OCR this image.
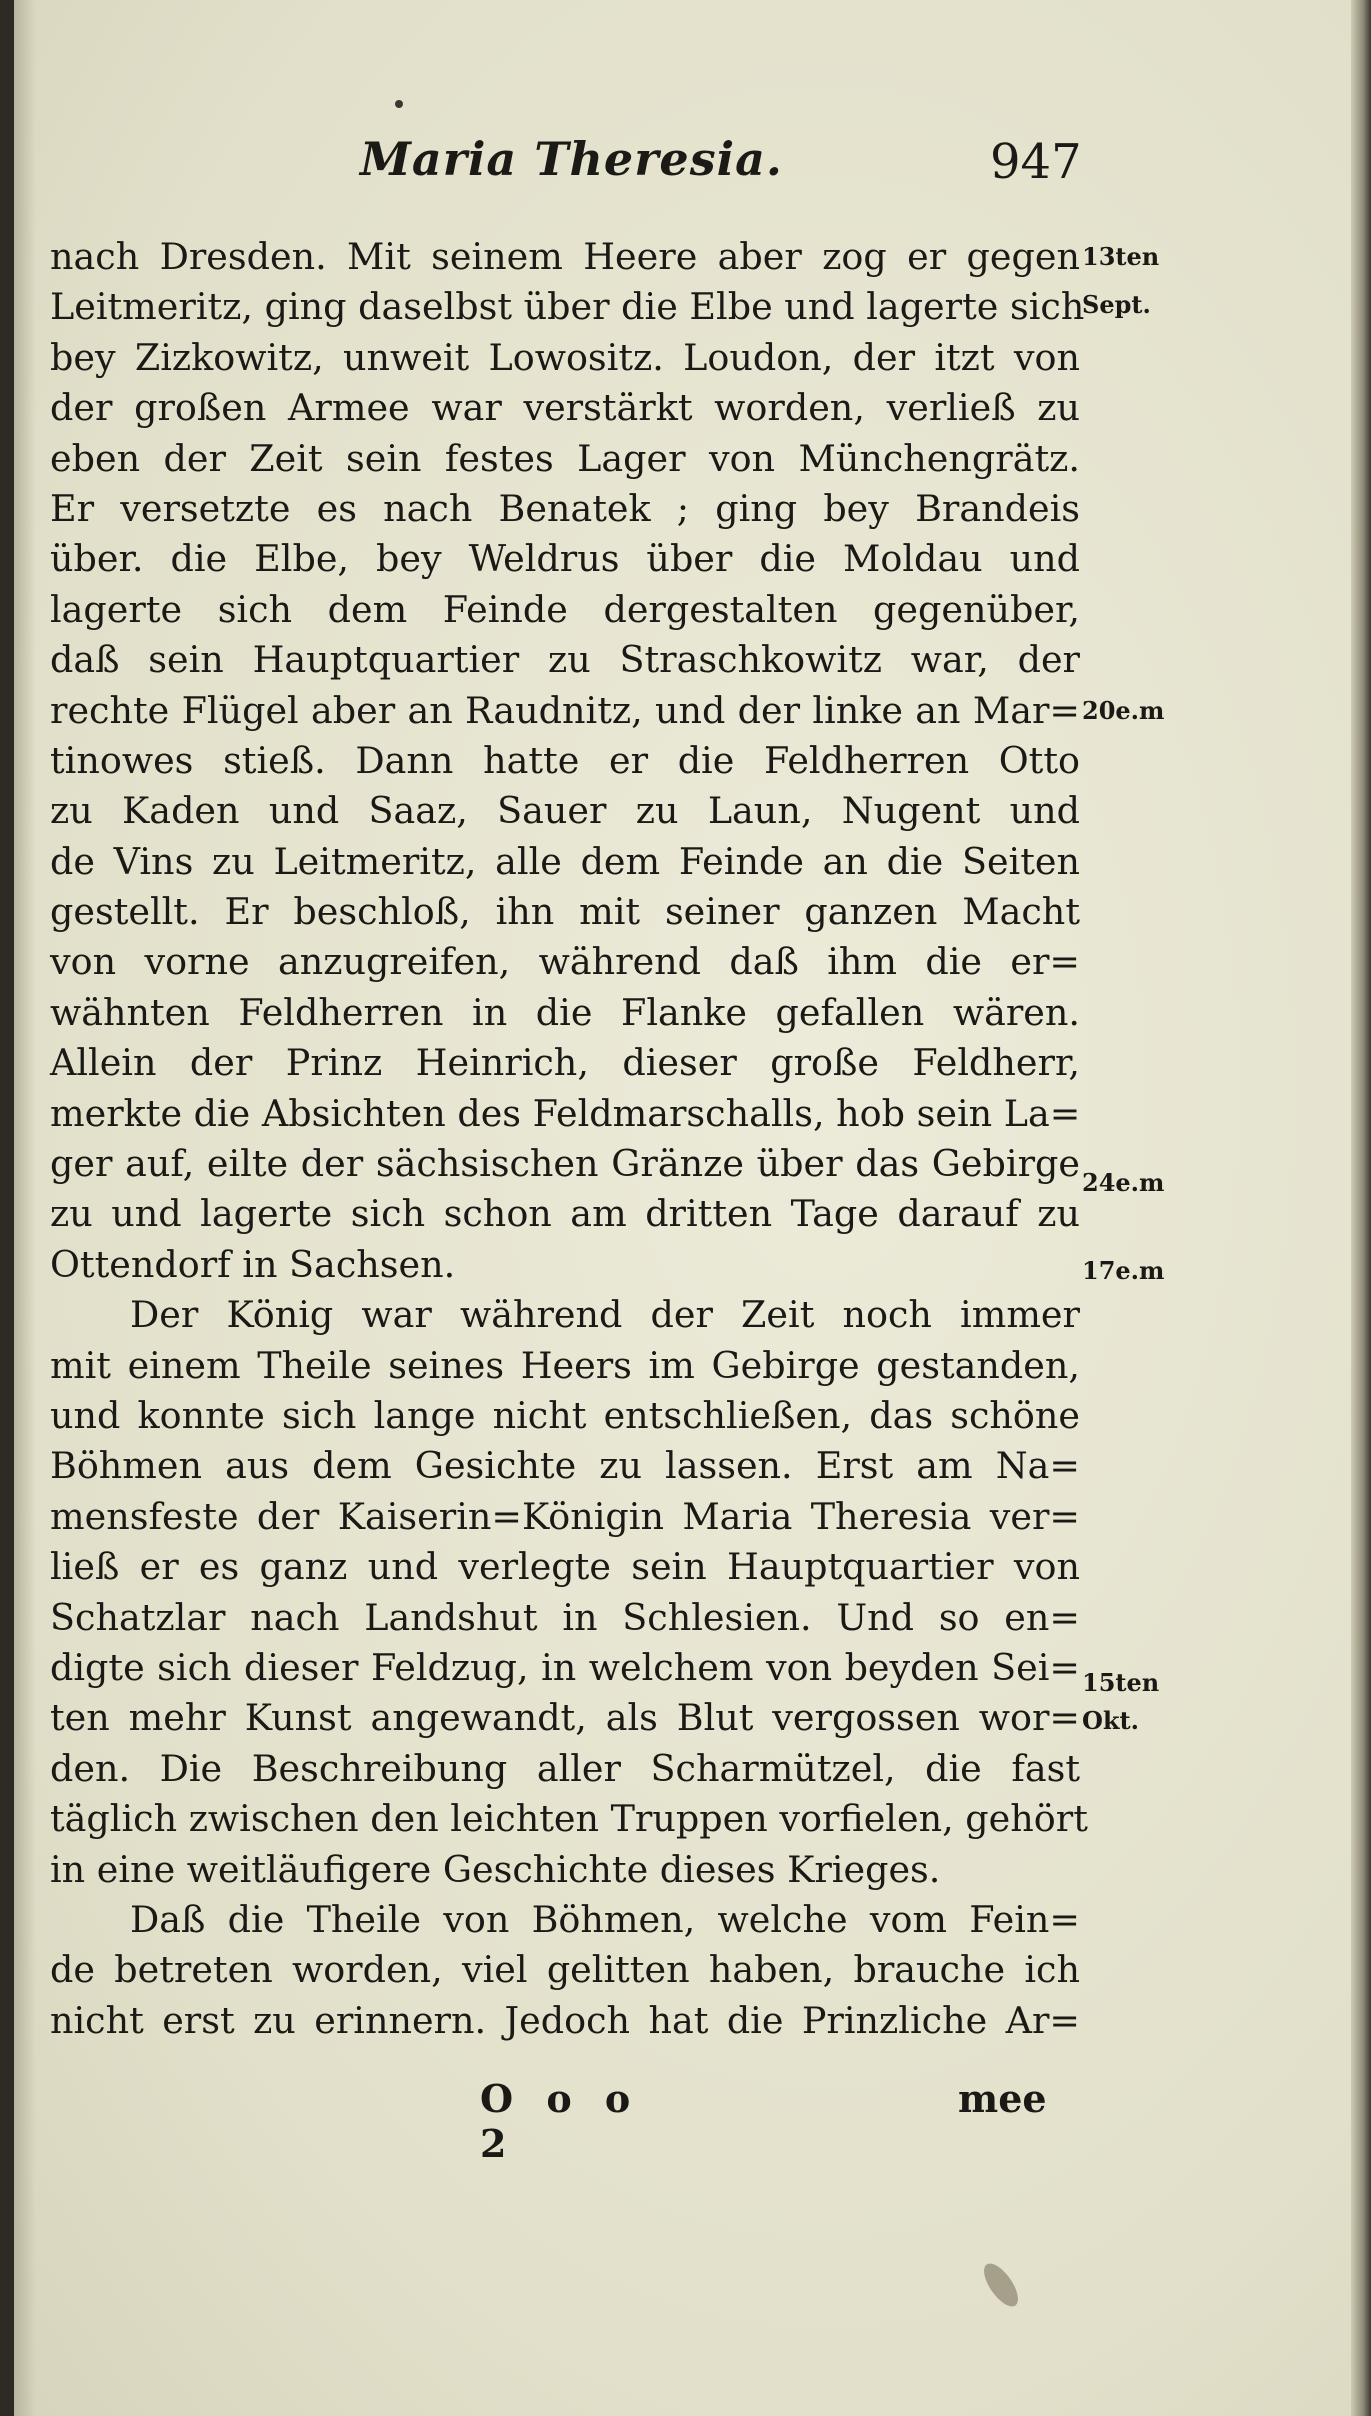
Maria Theresia.	947
nach Dresden. Mit seinem Heere aber zog er gegen
Leitmeritz, ging daselbst über die Elbe und lagerte sich
bey Zizkowitz, unweit Lowositz. Loudon, der itzt von
der großen Armee war verstärkt worden, verließ zu
eben der Zeit sein festes Lager von Münchengrätz.
Er versetzte es nach Benatek ; ging bey Brandeis
über. die Elbe, bey Weldrus über die Moldau und
lagerte sich dem Feinde dergestalten gegenüber,
daß sein Hauptquartier zu Straschkowitz war, der
rechte Flügel aber an Raudnitz, und der linke an Mar=
tinowes stieß. Dann hatte er die Feldherren Otto
zu Kaden und Saaz, Sauer zu Laun, Nugent und
de Vins zu Leitmeritz, alle dem Feinde an die Seiten
gestellt. Er beschloß, ihn mit seiner ganzen Macht
von vorne anzugreifen, während daß ihm die er=
wähnten Feldherren in die Flanke gefallen wären.
Allein der Prinz Heinrich, dieser große Feldherr,
merkte die Absichten des Feldmarschalls, hob sein La=
ger auf, eilte der sächsischen Gränze über das Gebirge
zu und lagerte sich schon am dritten Tage darauf zu
Ottendorf in Sachsen.
Der König war während der Zeit noch immer
mit einem Theile seines Heers im Gebirge gestanden,
und konnte sich lange nicht entschließen, das schöne
Böhmen aus dem Gesichte zu lassen. Erst am Na=
mensfeste der Kaiserin=Königin Maria Theresia ver=
ließ er es ganz und verlegte sein Hauptquartier von
Schatzlar nach Landshut in Schlesien. Und so en=
digte sich dieser Feldzug, in welchem von beyden Sei=
ten mehr Kunst angewandt, als Blut vergossen wor=
den. Die Beschreibung aller Scharmützel, die fast
täglich zwischen den leichten Truppen vorfielen, gehört
in eine weitläufigere Geschichte dieses Krieges.
Daß die Theile von Böhmen, welche vom Fein=
de betreten worden, viel gelitten haben, brauche ich
nicht erst zu erinnern. Jedoch hat die Prinzliche Ar=
O o o 2
mee
13ten
Sept.
20e.m
24e.m
17e.m
15ten
Okt.
